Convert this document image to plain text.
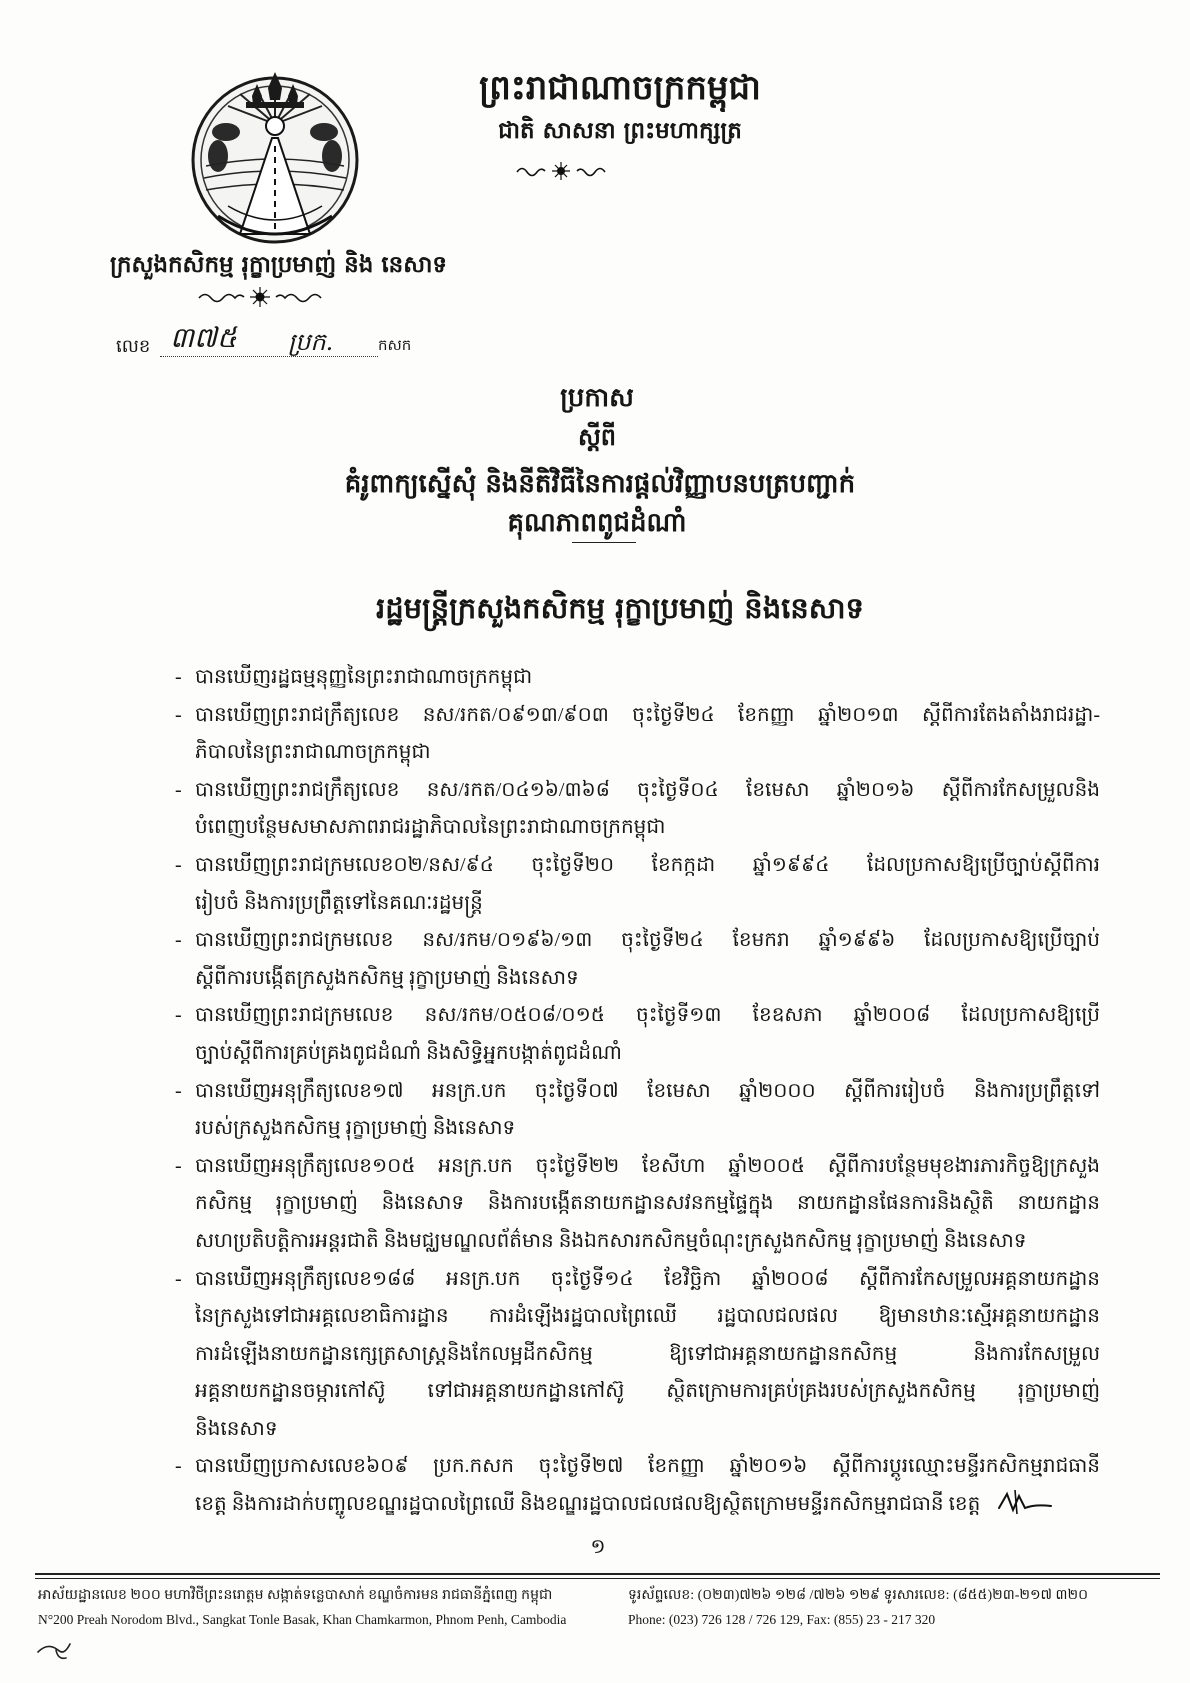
ព្រះរាជាណាចក្រកម្ពុជា
ជាតិ សាសនា ព្រះមហាក្សត្រ
ក្រសួងកសិកម្ម រុក្ខាប្រមាញ់ និង នេសាទ
លេខ ៣៧៥	ប្រក.	កសក
ប្រកាស
ស្តីពី
គំរូពាក្យស្នើសុំ និងនីតិវិធីនៃការផ្តល់វិញ្ញាបនបត្របញ្ជាក់
គុណភាពពូជដំណាំ
រដ្ឋមន្ត្រីក្រសួងកសិកម្ម រុក្ខាប្រមាញ់ និងនេសាទ
- បានឃើញរដ្ឋធម្មនុញ្ញនៃព្រះរាជាណាចក្រកម្ពុជា
- បានឃើញព្រះរាជក្រឹត្យលេខ នស/រកត/០៩១៣/៩០៣ ចុះថ្ងៃទី២៤ ខែកញ្ញា ឆ្នាំ២០១៣ ស្តីពីការតែងតាំងរាជរដ្ឋា-
ភិបាលនៃព្រះរាជាណាចក្រកម្ពុជា
- បានឃើញព្រះរាជក្រឹត្យលេខ នស/រកត/០៤១៦/៣៦៨ ចុះថ្ងៃទី០៤ ខែមេសា ឆ្នាំ២០១៦ ស្តីពីការកែសម្រួលនិង
បំពេញបន្ថែមសមាសភាពរាជរដ្ឋាភិបាលនៃព្រះរាជាណាចក្រកម្ពុជា
- បានឃើញព្រះរាជក្រមលេខ០២/នស/៩៤ ចុះថ្ងៃទី២០ ខែកក្កដា ឆ្នាំ១៩៩៤ ដែលប្រកាសឱ្យប្រើច្បាប់ស្តីពីការ
រៀបចំ និងការប្រព្រឹត្តទៅនៃគណៈរដ្ឋមន្ត្រី
- បានឃើញព្រះរាជក្រមលេខ នស/រកម/០១៩៦/១៣ ចុះថ្ងៃទី២៤ ខែមករា ឆ្នាំ១៩៩៦ ដែលប្រកាសឱ្យប្រើច្បាប់
ស្តីពីការបង្កើតក្រសួងកសិកម្ម រុក្ខាប្រមាញ់ និងនេសាទ
- បានឃើញព្រះរាជក្រមលេខ នស/រកម/០៥០៨/០១៥ ចុះថ្ងៃទី១៣ ខែឧសភា ឆ្នាំ២០០៨ ដែលប្រកាសឱ្យប្រើ
ច្បាប់ស្តីពីការគ្រប់គ្រងពូជដំណាំ និងសិទ្ធិអ្នកបង្កាត់ពូជដំណាំ
- បានឃើញអនុក្រឹត្យលេខ១៧ អនក្រ.បក ចុះថ្ងៃទី០៧ ខែមេសា ឆ្នាំ២០០០ ស្តីពីការរៀបចំ និងការប្រព្រឹត្តទៅ
របស់ក្រសួងកសិកម្ម រុក្ខាប្រមាញ់ និងនេសាទ
- បានឃើញអនុក្រឹត្យលេខ១០៥ អនក្រ.បក ចុះថ្ងៃទី២២ ខែសីហា ឆ្នាំ២០០៥ ស្តីពីការបន្ថែមមុខងារភារកិច្ចឱ្យក្រសួង
កសិកម្ម រុក្ខាប្រមាញ់ និងនេសាទ និងការបង្កើតនាយកដ្ឋានសវនកម្មផ្ទៃក្នុង នាយកដ្ឋានផែនការនិងស្ថិតិ នាយកដ្ឋាន
សហប្រតិបត្តិការអន្តរជាតិ និងមជ្ឈមណ្ឌលព័ត៌មាន និងឯកសារកសិកម្មចំណុះក្រសួងកសិកម្ម រុក្ខាប្រមាញ់ និងនេសាទ
- បានឃើញអនុក្រឹត្យលេខ១៨៨ អនក្រ.បក ចុះថ្ងៃទី១៤ ខែវិច្ឆិកា ឆ្នាំ២០០៨ ស្តីពីការកែសម្រួលអគ្គនាយកដ្ឋាន
នៃក្រសួងទៅជាអគ្គលេខាធិការដ្ឋាន ការដំឡើងរដ្ឋបាលព្រៃឈើ រដ្ឋបាលជលផល ឱ្យមានឋានៈស្មើអគ្គនាយកដ្ឋាន
ការដំឡើងនាយកដ្ឋានក្សេត្រសាស្ត្រនិងកែលម្អដីកសិកម្ម ឱ្យទៅជាអគ្គនាយកដ្ឋានកសិកម្ម និងការកែសម្រួល
អគ្គនាយកដ្ឋានចម្ការកៅស៊ូ ទៅជាអគ្គនាយកដ្ឋានកៅស៊ូ ស្ថិតក្រោមការគ្រប់គ្រងរបស់ក្រសួងកសិកម្ម រុក្ខាប្រមាញ់
និងនេសាទ
- បានឃើញប្រកាសលេខ៦០៩ ប្រក.កសក ចុះថ្ងៃទី២៧ ខែកញ្ញា ឆ្នាំ២០១៦ ស្តីពីការប្តូរឈ្មោះមន្ទីរកសិកម្មរាជធានី
ខេត្ត និងការដាក់បញ្ចូលខណ្ឌរដ្ឋបាលព្រៃឈើ និងខណ្ឌរដ្ឋបាលជលផលឱ្យស្ថិតក្រោមមន្ទីរកសិកម្មរាជធានី ខេត្ត
១
អាស័យដ្ឋានលេខ ២០០ មហាវិថីព្រះនរោត្តម សង្កាត់ទន្លេបាសាក់ ខណ្ឌចំការមន រាជធានីភ្នំពេញ កម្ពុជា
N°200 Preah Norodom Blvd., Sangkat Tonle Basak, Khan Chamkarmon, Phnom Penh, Cambodia
ទូរស័ព្ទលេខ: (០២៣)៧២៦ ១២៨ /៧២៦ ១២៩ ទូរសារលេខ: (៨៥៥)២៣-២១៧ ៣២០
Phone: (023) 726 128 / 726 129, Fax: (855) 23 - 217 320
